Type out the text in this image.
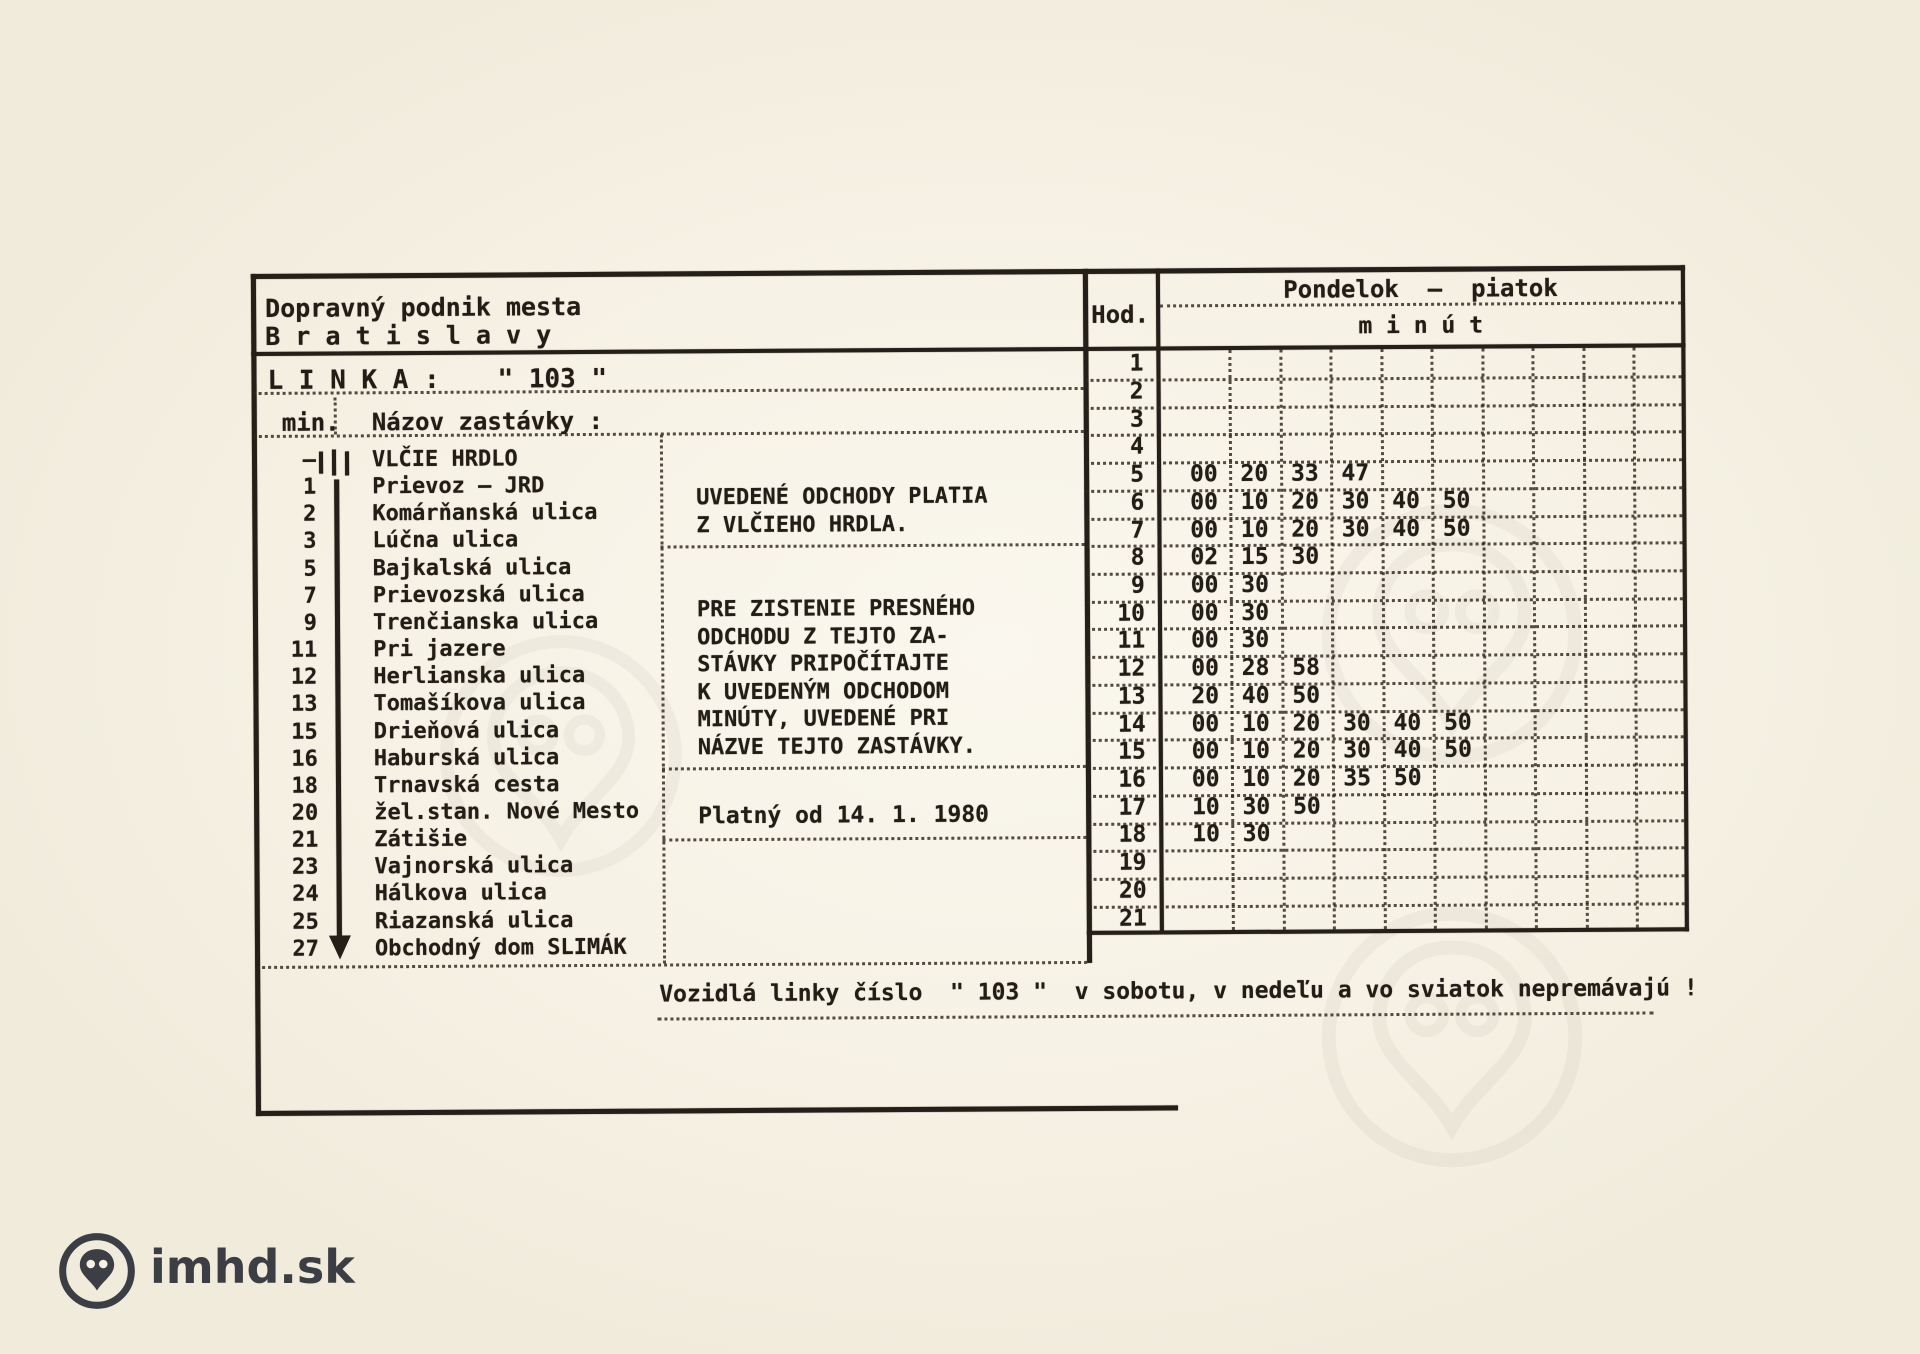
Dopravný podnik mesta
B r a t i s l a v y
L I N K A : " 103 "
min. Názov zastávky :
Hod.
Pondelok  —  piatok
m i n ú t
—	VLČIE HRDLO
1	Prievoz – JRD
2	Komárňanská ulica
3	Lúčna ulica
5	Bajkalská ulica
7	Prievozská ulica
9	Trenčianska ulica
11	Pri jazere
12	Herlianska ulica
13	Tomašíkova ulica
15	Drieňová ulica
16	Haburská ulica
18	Trnavská cesta
20	žel.stan. Nové Mesto
21	Zátišie
23	Vajnorská ulica
24	Hálkova ulica
25	Riazanská ulica
27	Obchodný dom SLIMÁK
UVEDENÉ ODCHODY PLATIA
Z VLČIEHO HRDLA.
PRE ZISTENIE PRESNÉHO
ODCHODU Z TEJTO ZA-
STÁVKY PRIPOČÍTAJTE
K UVEDENÝM ODCHODOM
MINÚTY, UVEDENÉ PRI
NÁZVE TEJTO ZASTÁVKY.
Platný od 14. 1. 1980
1
2
3
4
5	00 20 33 47
6	00 10 20 30 40 50
7	00 10 20 30 40 50
8	02 15 30
9	00 30
10	00 30
11	00 30
12	00 28 58
13	20 40 50
14	00 10 20 30 40 50
15	00 10 20 30 40 50
16	00 10 20 35 50
17	10 30 50
18	10 30
19
20
21
Vozidlá linky číslo  " 103 "  v sobotu, v nedeľu a vo sviatok nepremávajú !
imhd.sk
